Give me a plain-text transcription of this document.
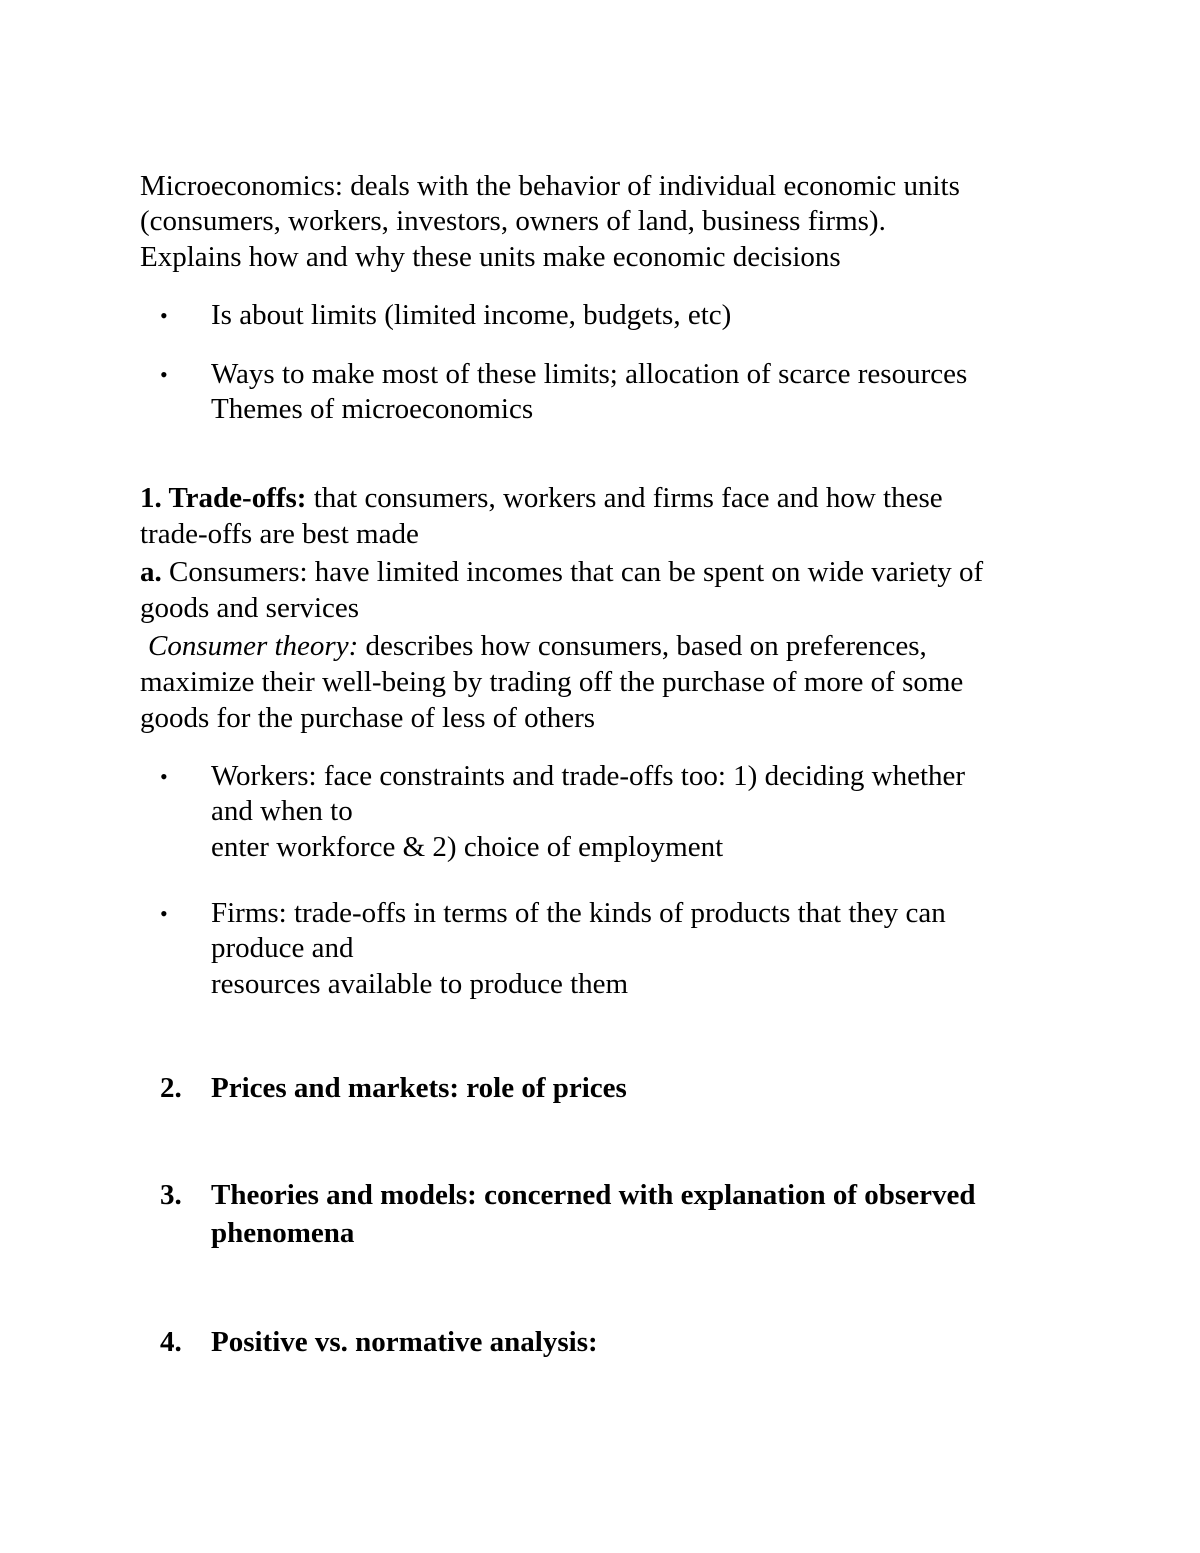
Microeconomics: deals with the behavior of individual economic units
(consumers, workers, investors, owners of land, business firms).
Explains how and why these units make economic decisions
• Is about limits (limited income, budgets, etc)
• Ways to make most of these limits; allocation of scarce resources
Themes of microeconomics
1. Trade-offs: that consumers, workers and firms face and how these
trade-offs are best made
a. Consumers: have limited incomes that can be spent on wide variety of
goods and services
Consumer theory: describes how consumers, based on preferences,
maximize their well-being by trading off the purchase of more of some
goods for the purchase of less of others
• Workers: face constraints and trade-offs too: 1) deciding whether
and when to
enter workforce & 2) choice of employment
• Firms: trade-offs in terms of the kinds of products that they can
produce and
resources available to produce them
2. Prices and markets: role of prices
3. Theories and models: concerned with explanation of observed
phenomena
4. Positive vs. normative analysis:
